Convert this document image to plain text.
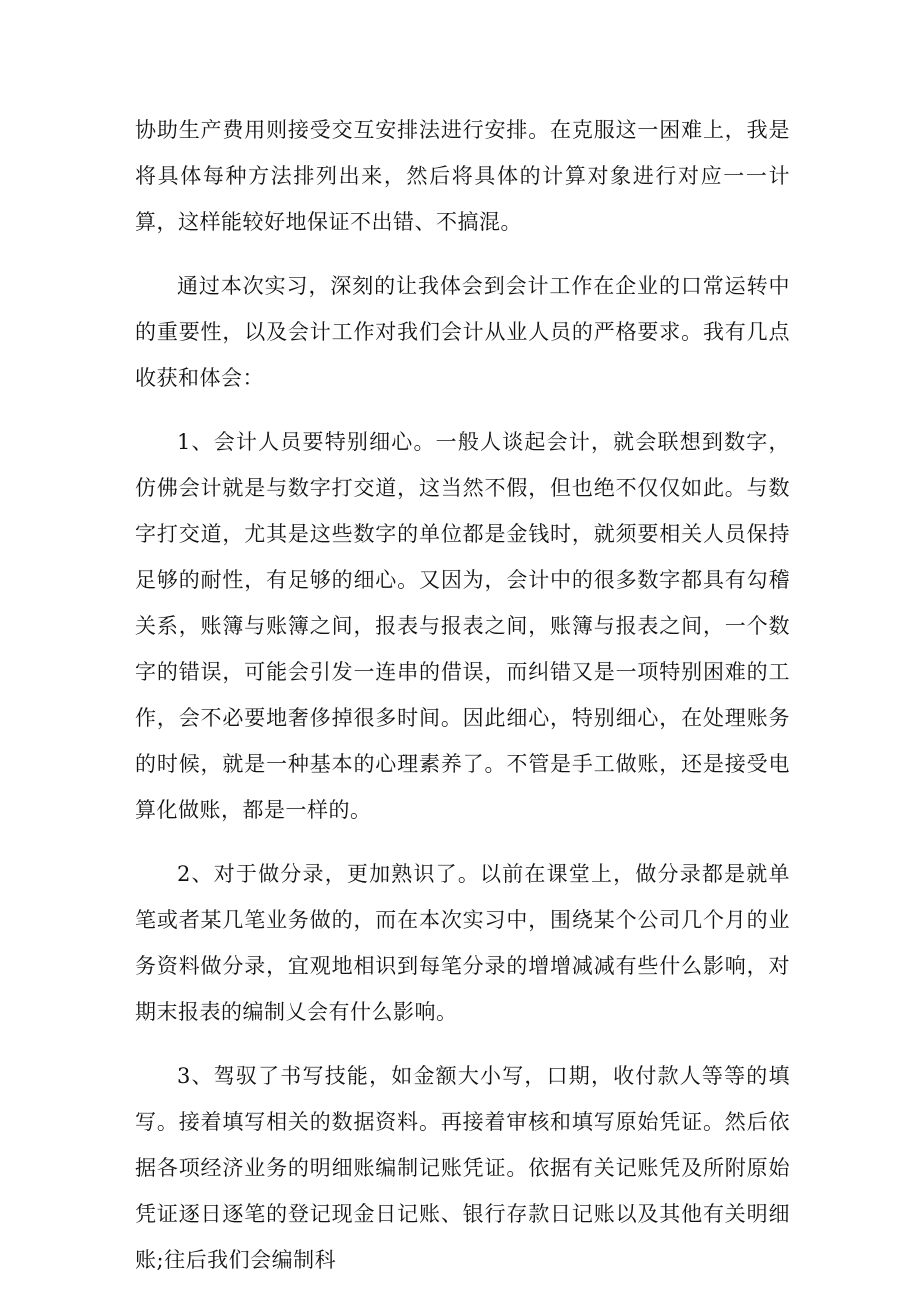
协助生产费用则接受交互安排法进行安排。在克服这一困难上，我是将具体每种方法排列出来，然后将具体的计算对象进行对应一一计算，这样能较好地保证不出错、不搞混。

通过本次实习，深刻的让我体会到会计工作在企业的口常运转中的重要性，以及会计工作对我们会计从业人员的严格要求。我有几点收获和体会：

1、会计人员要特别细心。一般人谈起会计，就会联想到数字，仿佛会计就是与数字打交道，这当然不假，但也绝不仅仅如此。与数字打交道，尤其是这些数字的单位都是金钱时，就须要相关人员保持足够的耐性，有足够的细心。又因为，会计中的很多数字都具有勾稽关系，账簿与账簿之间，报表与报表之间，账簿与报表之间，一个数字的错误，可能会引发一连串的借误，而纠错又是一项特别困难的工作，会不必要地奢侈掉很多时间。因此细心，特别细心，在处理账务的时候，就是一种基本的心理素养了。不管是手工做账，还是接受电算化做账，都是一样的。

2、对于做分录，更加熟识了。以前在课堂上，做分录都是就单笔或者某几笔业务做的，而在本次实习中，围绕某个公司几个月的业务资料做分录，宜观地相识到每笔分录的增增减减有些什么影响，对期末报表的编制乂会有什么影响。

3、驾驭了书写技能，如金额大小写，口期，收付款人等等的填写。接着填写相关的数据资料。再接着审核和填写原始凭证。然后依据各项经济业务的明细账编制记账凭证。依据有关记账凭及所附原始凭证逐日逐笔的登记现金日记账、银行存款日记账以及其他有关明细账;往后我们会编制科
